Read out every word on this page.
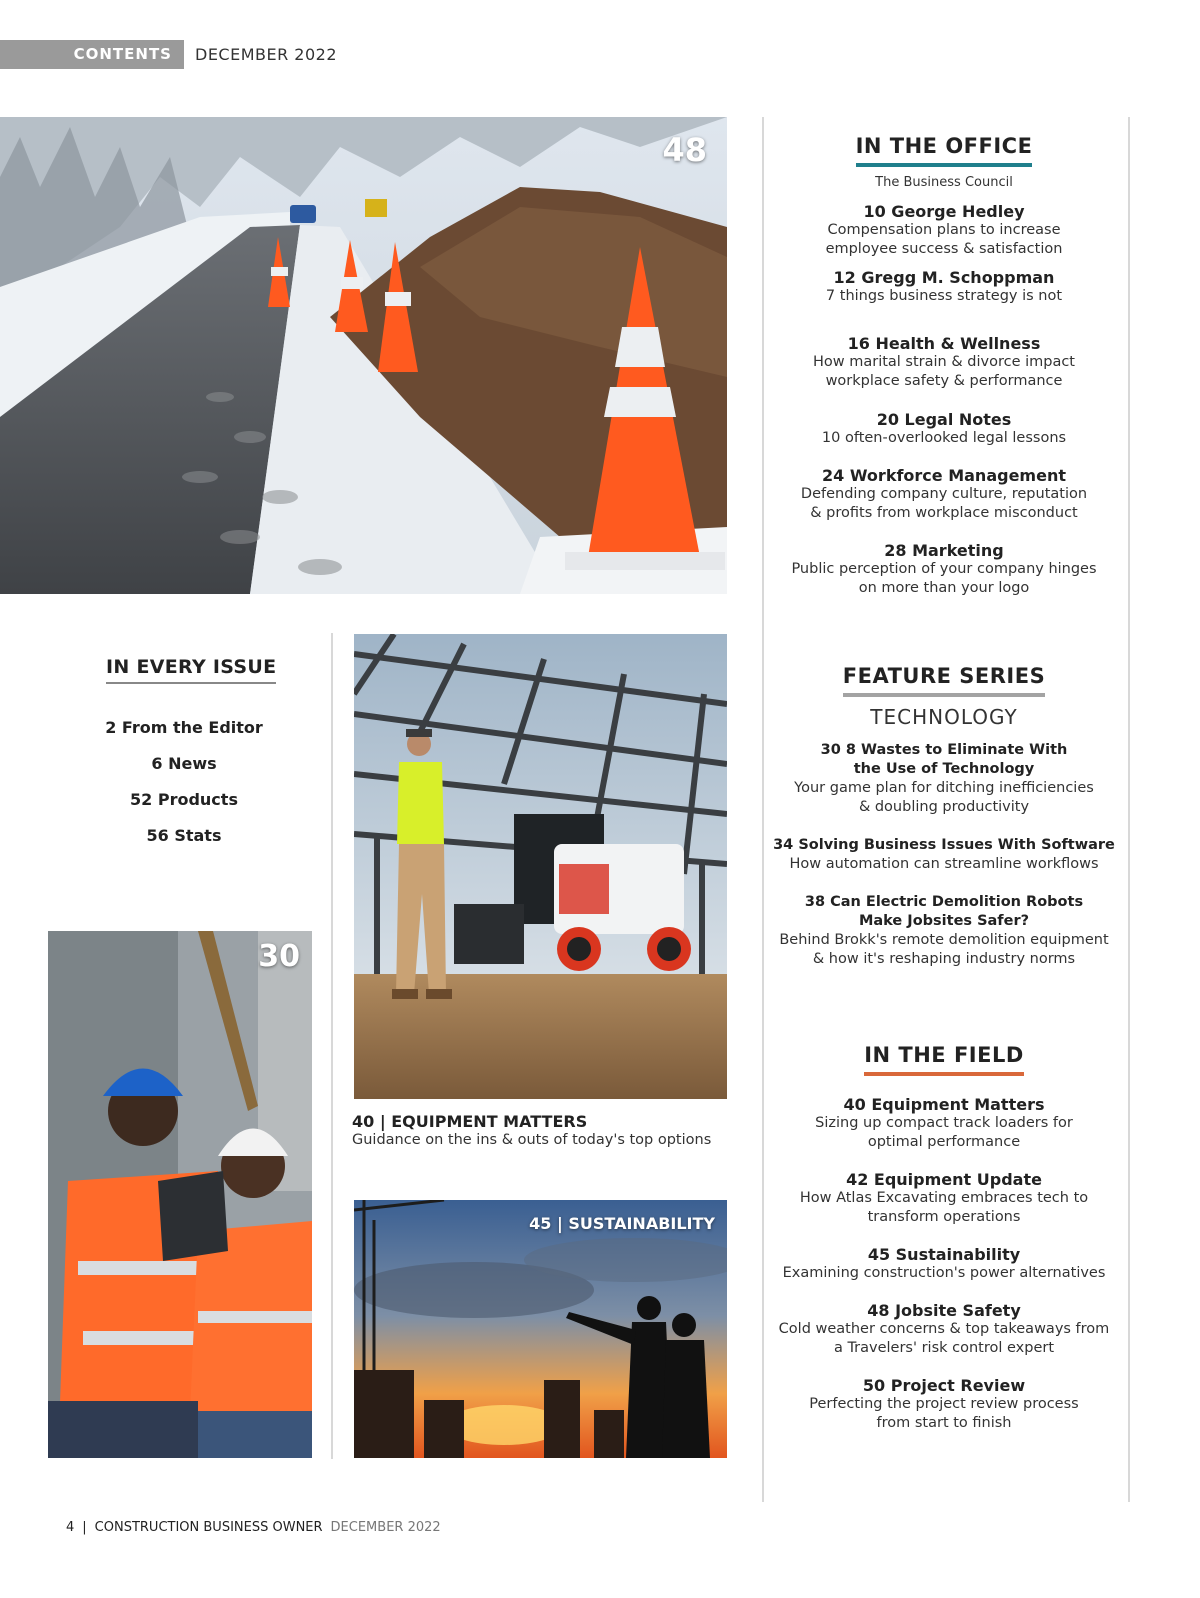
CONTENTS	DECEMBER 2022
48
IN EVERY ISSUE
2 From the Editor
6 News
52 Products
56 Stats
30
40 | EQUIPMENT MATTERS
Guidance on the ins & outs of today's top options
45 | SUSTAINABILITY
IN THE OFFICE
The Business Council
10 George Hedley
Compensation plans to increase
employee success & satisfaction
12 Gregg M. Schoppman
7 things business strategy is not
16 Health & Wellness
How marital strain & divorce impact
workplace safety & performance
20 Legal Notes
10 often-overlooked legal lessons
24 Workforce Management
Defending company culture, reputation
& profits from workplace misconduct
28 Marketing
Public perception of your company hinges
on more than your logo
FEATURE SERIES
TECHNOLOGY
30 8 Wastes to Eliminate With
the Use of Technology
Your game plan for ditching inefficiencies
& doubling productivity
34 Solving Business Issues With Software
How automation can streamline workflows
38 Can Electric Demolition Robots
Make Jobsites Safer?
Behind Brokk's remote demolition equipment
& how it's reshaping industry norms
IN THE FIELD
40 Equipment Matters
Sizing up compact track loaders for
optimal performance
42 Equipment Update
How Atlas Excavating embraces tech to
transform operations
45 Sustainability
Examining construction's power alternatives
48 Jobsite Safety
Cold weather concerns & top takeaways from
a Travelers' risk control expert
50 Project Review
Perfecting the project review process
from start to finish
4 | CONSTRUCTION BUSINESS OWNER DECEMBER 2022
